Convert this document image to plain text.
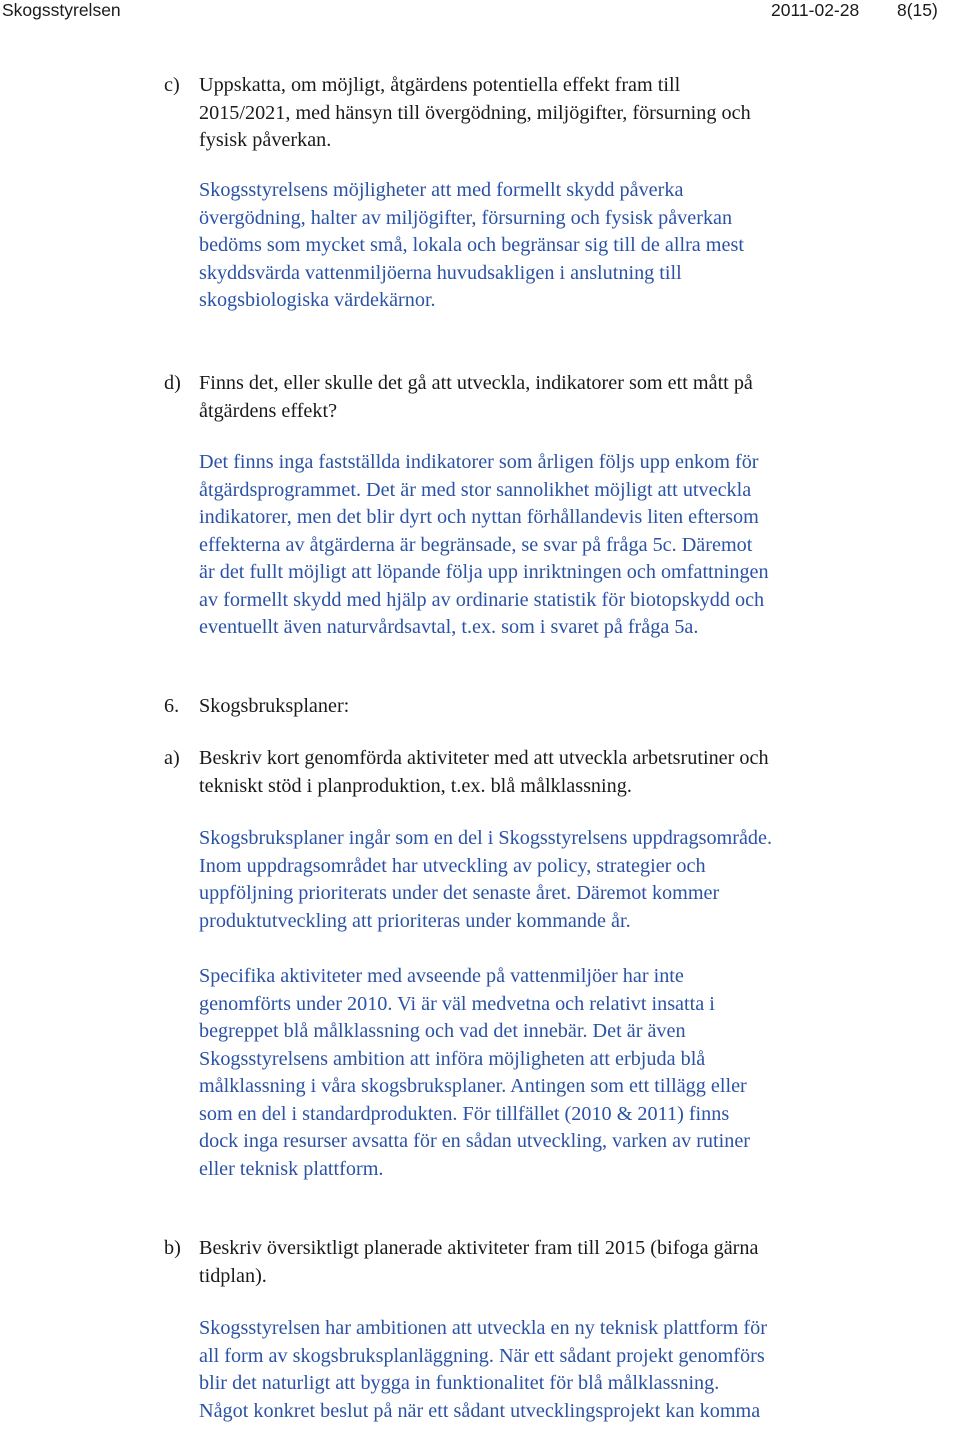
Skogsstyrelsen	2011-02-28 8(15)
c) Uppskatta, om möjligt, åtgärdens potentiella effekt fram till
2015/2021, med hänsyn till övergödning, miljögifter, försurning och
fysisk påverkan.
Skogsstyrelsens möjligheter att med formellt skydd påverka
övergödning, halter av miljögifter, försurning och fysisk påverkan
bedöms som mycket små, lokala och begränsar sig till de allra mest
skyddsvärda vattenmiljöerna huvudsakligen i anslutning till
skogsbiologiska värdekärnor.
d) Finns det, eller skulle det gå att utveckla, indikatorer som ett mått på
åtgärdens effekt?
Det finns inga fastställda indikatorer som årligen följs upp enkom för
åtgärdsprogrammet. Det är med stor sannolikhet möjligt att utveckla
indikatorer, men det blir dyrt och nyttan förhållandevis liten eftersom
effekterna av åtgärderna är begränsade, se svar på fråga 5c. Däremot
är det fullt möjligt att löpande följa upp inriktningen och omfattningen
av formellt skydd med hjälp av ordinarie statistik för biotopskydd och
eventuellt även naturvårdsavtal, t.ex. som i svaret på fråga 5a.
6. Skogsbruksplaner:
a) Beskriv kort genomförda aktiviteter med att utveckla arbetsrutiner och
tekniskt stöd i planproduktion, t.ex. blå målklassning.
Skogsbruksplaner ingår som en del i Skogsstyrelsens uppdragsområde.
Inom uppdragsområdet har utveckling av policy, strategier och
uppföljning prioriterats under det senaste året. Däremot kommer
produktutveckling att prioriteras under kommande år.
Specifika aktiviteter med avseende på vattenmiljöer har inte
genomförts under 2010. Vi är väl medvetna och relativt insatta i
begreppet blå målklassning och vad det innebär. Det är även
Skogsstyrelsens ambition att införa möjligheten att erbjuda blå
målklassning i våra skogsbruksplaner. Antingen som ett tillägg eller
som en del i standardprodukten. För tillfället (2010 & 2011) finns
dock inga resurser avsatta för en sådan utveckling, varken av rutiner
eller teknisk plattform.
b) Beskriv översiktligt planerade aktiviteter fram till 2015 (bifoga gärna
tidplan).
Skogsstyrelsen har ambitionen att utveckla en ny teknisk plattform för
all form av skogsbruksplanläggning. När ett sådant projekt genomförs
blir det naturligt att bygga in funktionalitet för blå målklassning.
Något konkret beslut på när ett sådant utvecklingsprojekt kan komma
